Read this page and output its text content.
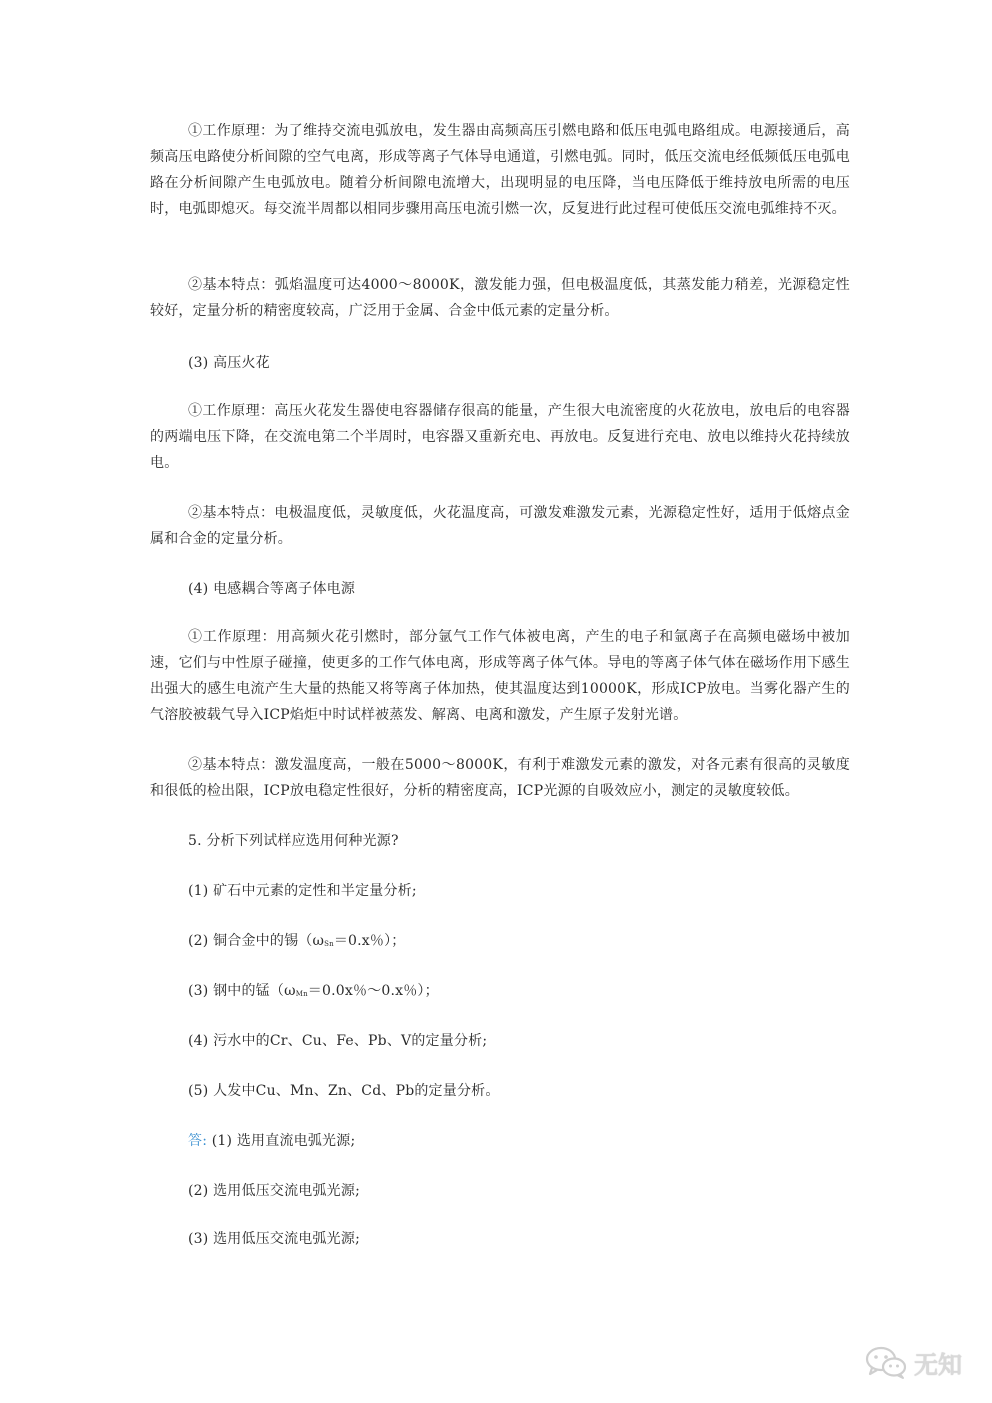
①工作原理：为了维持交流电弧放电，发生器由高频高压引燃电路和低压电弧电路组成。电源接通后，高频高压电路使分析间隙的空气电离，形成等离子气体导电通道，引燃电弧。同时，低压交流电经低频低压电弧电路在分析间隙产生电弧放电。随着分析间隙电流增大，出现明显的电压降，当电压降低于维持放电所需的电压时，电弧即熄灭。每交流半周都以相同步骤用高压电流引燃一次，反复进行此过程可使低压交流电弧维持不灭。

②基本特点：弧焰温度可达4000～8000K，激发能力强，但电极温度低，其蒸发能力稍差，光源稳定性较好，定量分析的精密度较高，广泛用于金属、合金中低元素的定量分析。

(3) 高压火花

①工作原理：高压火花发生器使电容器储存很高的能量，产生很大电流密度的火花放电，放电后的电容器的两端电压下降，在交流电第二个半周时，电容器又重新充电、再放电。反复进行充电、放电以维持火花持续放电。

②基本特点：电极温度低，灵敏度低，火花温度高，可激发难激发元素，光源稳定性好，适用于低熔点金属和合金的定量分析。

(4) 电感耦合等离子体电源

①工作原理：用高频火花引燃时，部分氩气工作气体被电离，产生的电子和氩离子在高频电磁场中被加速，它们与中性原子碰撞，使更多的工作气体电离，形成等离子体气体。导电的等离子体气体在磁场作用下感生出强大的感生电流产生大量的热能又将等离子体加热，使其温度达到10000K，形成ICP放电。当雾化器产生的气溶胶被载气导入ICP焰炬中时试样被蒸发、解离、电离和激发，产生原子发射光谱。

②基本特点：激发温度高，一般在5000～8000K，有利于难激发元素的激发，对各元素有很高的灵敏度和很低的检出限，ICP放电稳定性很好，分析的精密度高，ICP光源的自吸效应小，测定的灵敏度较低。

5. 分析下列试样应选用何种光源?
(1) 矿石中元素的定性和半定量分析;
(2) 铜合金中的锡（$\omega_{Sn}=0.x$％）；
(3) 钢中的锰（$\omega_{Mn}=0.0x$％～0.x％）；
(4) 污水中的Cr、Cu、Fe、Pb、V的定量分析;
(5) 人发中Cu、Mn、Zn、Cd、Pb的定量分析。
答: (1) 选用直流电弧光源;
(2) 选用低压交流电弧光源;
(3) 选用低压交流电弧光源;
无知
